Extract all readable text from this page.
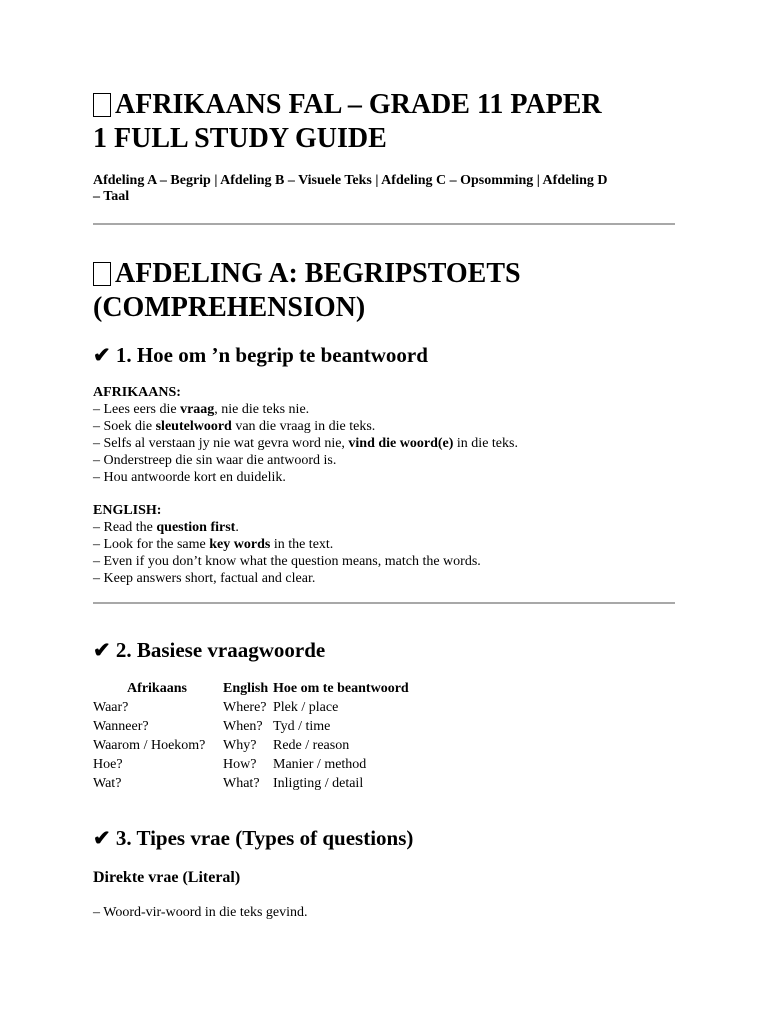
AFRIKAANS FAL – GRADE 11 PAPER
1 FULL STUDY GUIDE
Afdeling A – Begrip | Afdeling B – Visuele Teks | Afdeling C – Opsomming | Afdeling D
– Taal
AFDELING A: BEGRIPSTOETS
(COMPREHENSION)
✔ 1. Hoe om ’n begrip te beantwoord
AFRIKAANS:
– Lees eers die vraag, nie die teks nie.
– Soek die sleutelwoord van die vraag in die teks.
– Selfs al verstaan jy nie wat gevra word nie, vind die woord(e) in die teks.
– Onderstreep die sin waar die antwoord is.
– Hou antwoorde kort en duidelik.
ENGLISH:
– Read the question first.
– Look for the same key words in the text.
– Even if you don’t know what the question means, match the words.
– Keep answers short, factual and clear.
✔ 2. Basiese vraagwoorde
Afrikaans	English	Hoe om te beantwoord
Waar?	Where?	Plek / place
Wanneer?	When?	Tyd / time
Waarom / Hoekom?	Why?	Rede / reason
Hoe?	How?	Manier / method
Wat?	What?	Inligting / detail
✔ 3. Tipes vrae (Types of questions)
Direkte vrae (Literal)
– Woord-vir-woord in die teks gevind.
